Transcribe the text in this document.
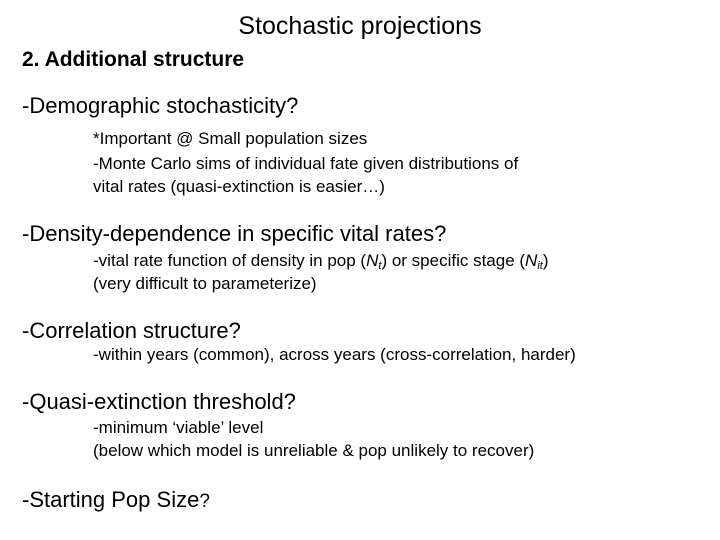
Stochastic projections
2. Additional structure
-Demographic stochasticity?
*Important @ Small population sizes
-Monte Carlo sims of individual fate given distributions of
vital rates (quasi-extinction is easier…)
-Density-dependence in specific vital rates?
-vital rate function of density in pop $(N_t)$ or specific stage $(N_{it})$
(very difficult to parameterize)
-Correlation structure?
-within years (common), across years (cross-correlation, harder)
-Quasi-extinction threshold?
-minimum ‘viable’ level
(below which model is unreliable & pop unlikely to recover)
-Starting Pop Size?
